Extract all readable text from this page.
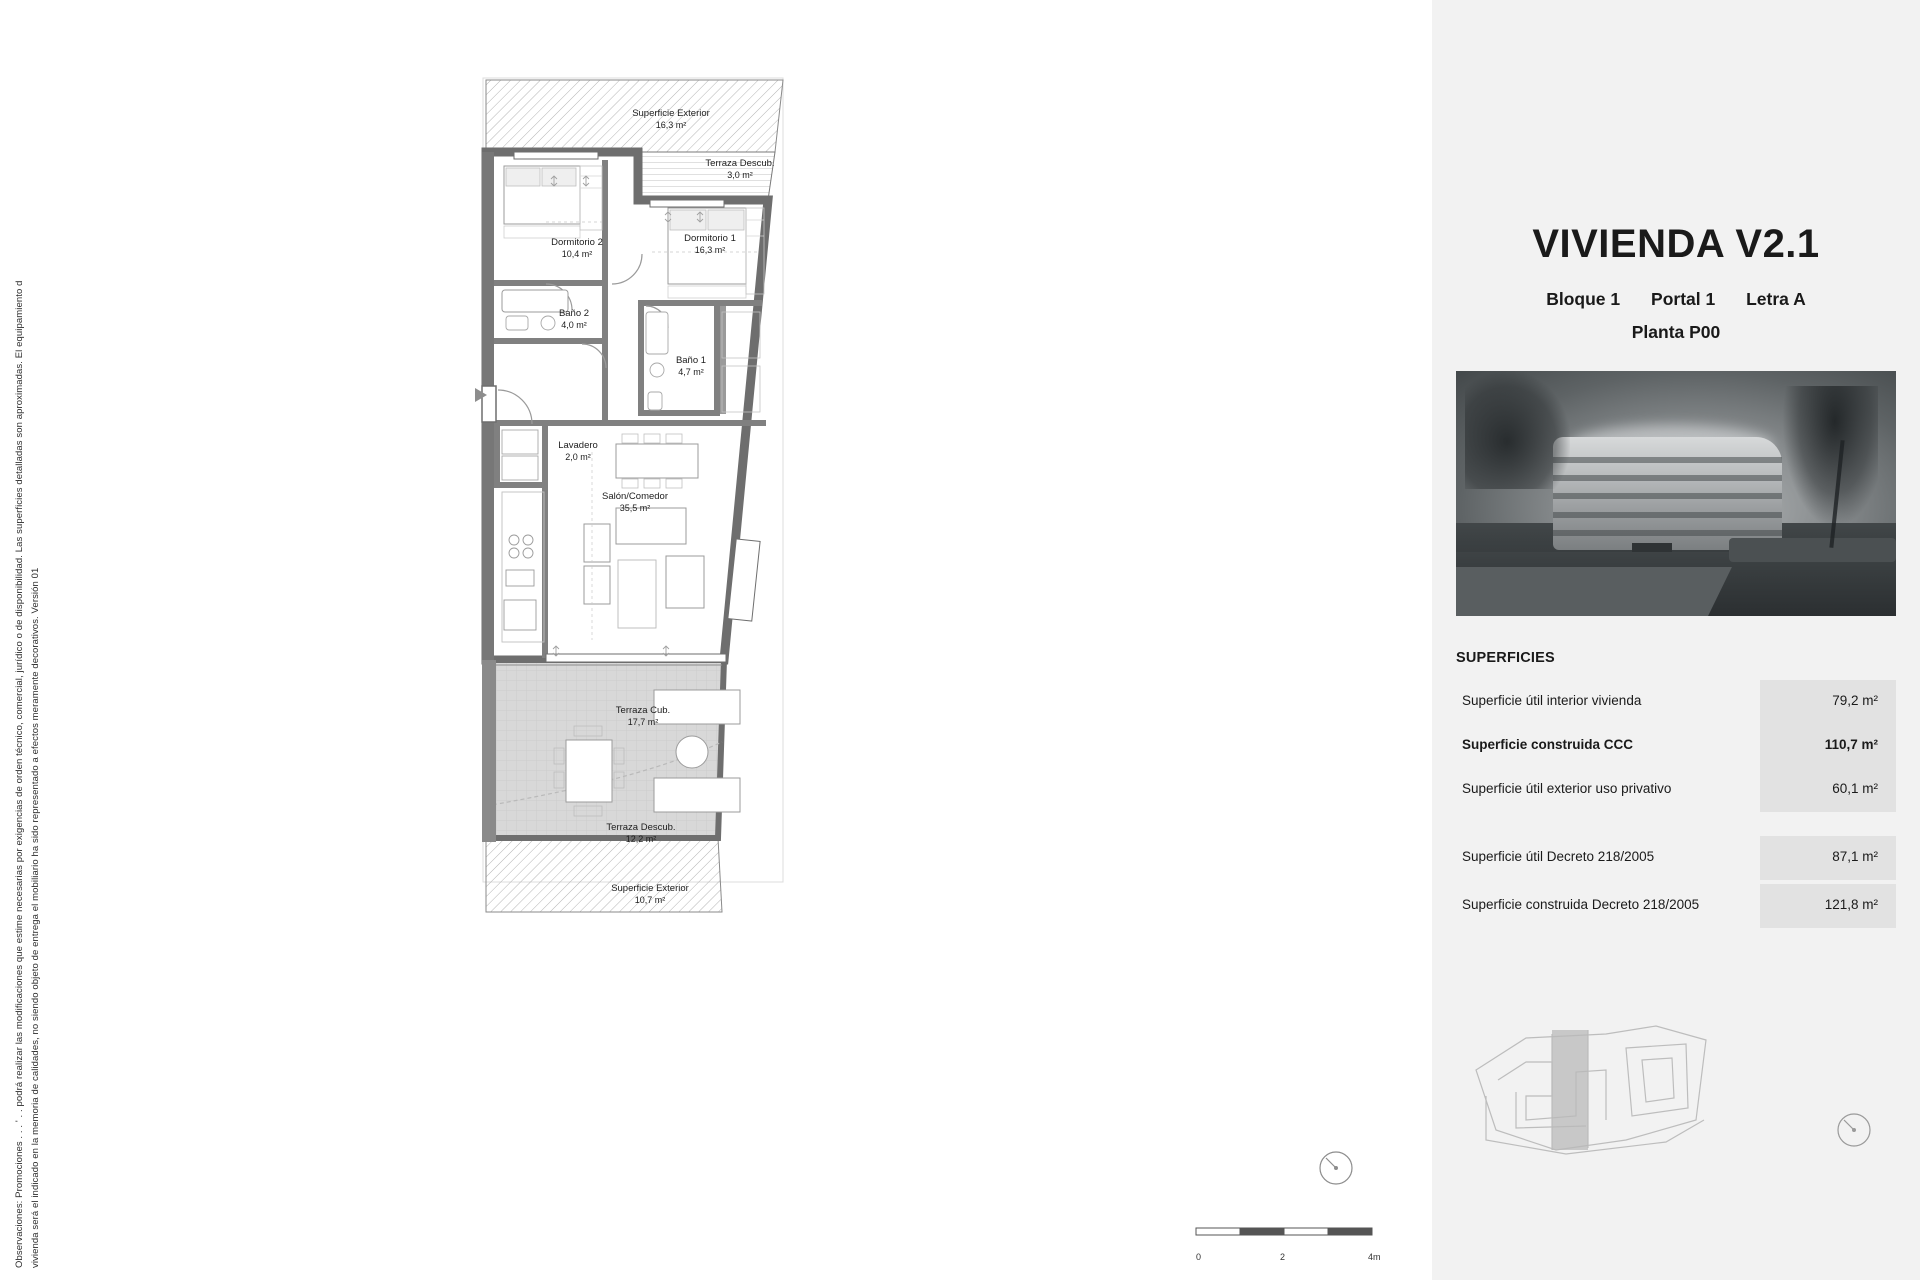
Observaciones: Promociones . . . ' . . podrá realizar las modificaciones que estime necesarias por exigencias de orden técnico, comercial, jurídico o de disponibilidad. Las superficies detalladas son aproximadas. El equipamiento d vivienda será el indicado en la memoria de calidades, no siendo objeto de entrega el mobiliario ha sido representado a efectos meramente decorativos. Versión 01
Superficie Exterior
16,3 m²
Terraza Descub.
3,0 m²
Dormitorio 2
10,4 m²
Dormitorio 1
16,3 m²
Baño 2
4,0 m²
Baño 1
4,7 m²
Lavadero
2,0 m²
Salón/Comedor
35,5 m²
Terraza Cub.
17,7 m²
Terraza Descub.
12,2 m²
Superficie Exterior
10,7 m²
0	2	4m
VIVIENDA V2.1
Bloque 1 Portal 1 Letra A
Planta P00
SUPERFICIES
Superficie útil interior vivienda	79,2 m²
Superficie construida CCC	110,7 m²
Superficie útil exterior uso privativo	60,1 m²
Superficie útil Decreto 218/2005	87,1 m²
Superficie construida Decreto 218/2005	121,8 m²
